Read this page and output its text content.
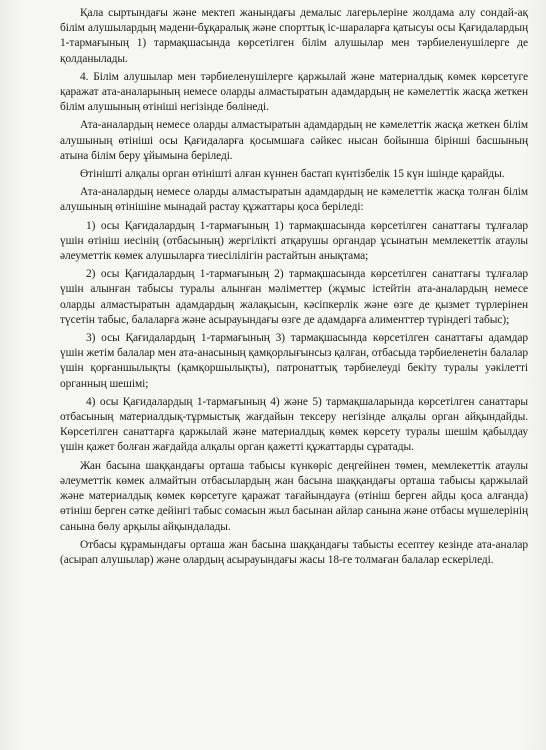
Қала сыртындағы және мектеп жанындағы демалыс лагерьлеріне жолдама алу сондай-ақ білім алушылардың мәдени-бұқаралық және спорттық іс-шараларға қатысуы осы Қағидалардың 1-тармағының 1) тармақшасында көрсетілген білім алушылар мен тәрбиеленушілерге де қолданылады.

4. Білім алушылар мен тәрбиеленушілерге қаржылай және материалдық көмек көрсетуге қаражат ата-аналарының немесе оларды алмастыратын адамдардың не кәмелеттік жасқа жеткен білім алушының өтініші негізінде бөлінеді.

Ата-аналардың немесе оларды алмастыратын адамдардың не кәмелеттік жасқа жеткен білім алушының өтініші осы Қағидаларға қосымшаға сәйкес нысан бойынша бірінші басшының атына білім беру ұйымына беріледі.

Өтінішті алқалы орган өтінішті алған күннен бастап күнтізбелік 15 күн ішінде қарайды.

Ата-аналардың немесе оларды алмастыратын адамдардың не кәмелеттік жасқа толған білім алушының өтінішіне мынадай растау құжаттары қоса беріледі:

1) осы Қағидалардың 1-тармағының 1) тармақшасында көрсетілген санаттағы тұлғалар үшін өтініш иесінің (отбасының) жергілікті атқарушы органдар ұсынатын мемлекеттік атаулы әлеуметтік көмек алушыларға тиесілілігін растайтын анықтама;

2) осы Қағидалардың 1-тармағының 2) тармақшасында көрсетілген санаттағы тұлғалар үшін алынған табысы туралы алынған мәліметтер (жұмыс істейтін ата-аналардың немесе оларды алмастыратын адамдардың жалақысын, кәсіпкерлік және өзге де қызмет түрлерінен түсетін табыс, балаларға және асырауындағы өзге де адамдарға алименттер түріндегі табыс);

3) осы Қағидалардың 1-тармағының 3) тармақшасында көрсетілген санаттағы адамдар үшін жетім балалар мен ата-анасының қамқорлығынсыз қалған, отбасыда тәрбиеленетін балалар үшін қорғаншылықты (қамқоршылықты), патронаттық тәрбиелеуді бекіту туралы уәкілетті органның шешімі;

4) осы Қағидалардың 1-тармағының 4) және 5) тармақшаларында көрсетілген санаттары отбасының материалдық-тұрмыстық жағдайын тексеру негізінде алқалы орган айқындайды. Көрсетілген санаттарға қаржылай және материалдық көмек көрсету туралы шешім қабылдау үшін қажет болған жағдайда алқалы орган қажетті құжаттарды сұратады.

Жан басына шаққандағы орташа табысы күнкөріс деңгейінен төмен, мемлекеттік атаулы әлеуметтік көмек алмайтын отбасылардың жан басына шаққандағы орташа табысы қаржылай және материалдық көмек көрсетуге қаражат тағайындауға (өтініш берген айды қоса алғанда) өтініш берген сәтке дейінгі табыс сомасын жыл басынан айлар санына және отбасы мүшелерінің санына бөлу арқылы айқындалады.

Отбасы құрамындағы орташа жан басына шаққандағы табысты есептеу кезінде ата-аналар (асырап алушылар) және олардың асырауындағы жасы 18-ге толмаған балалар ескеріледі.
